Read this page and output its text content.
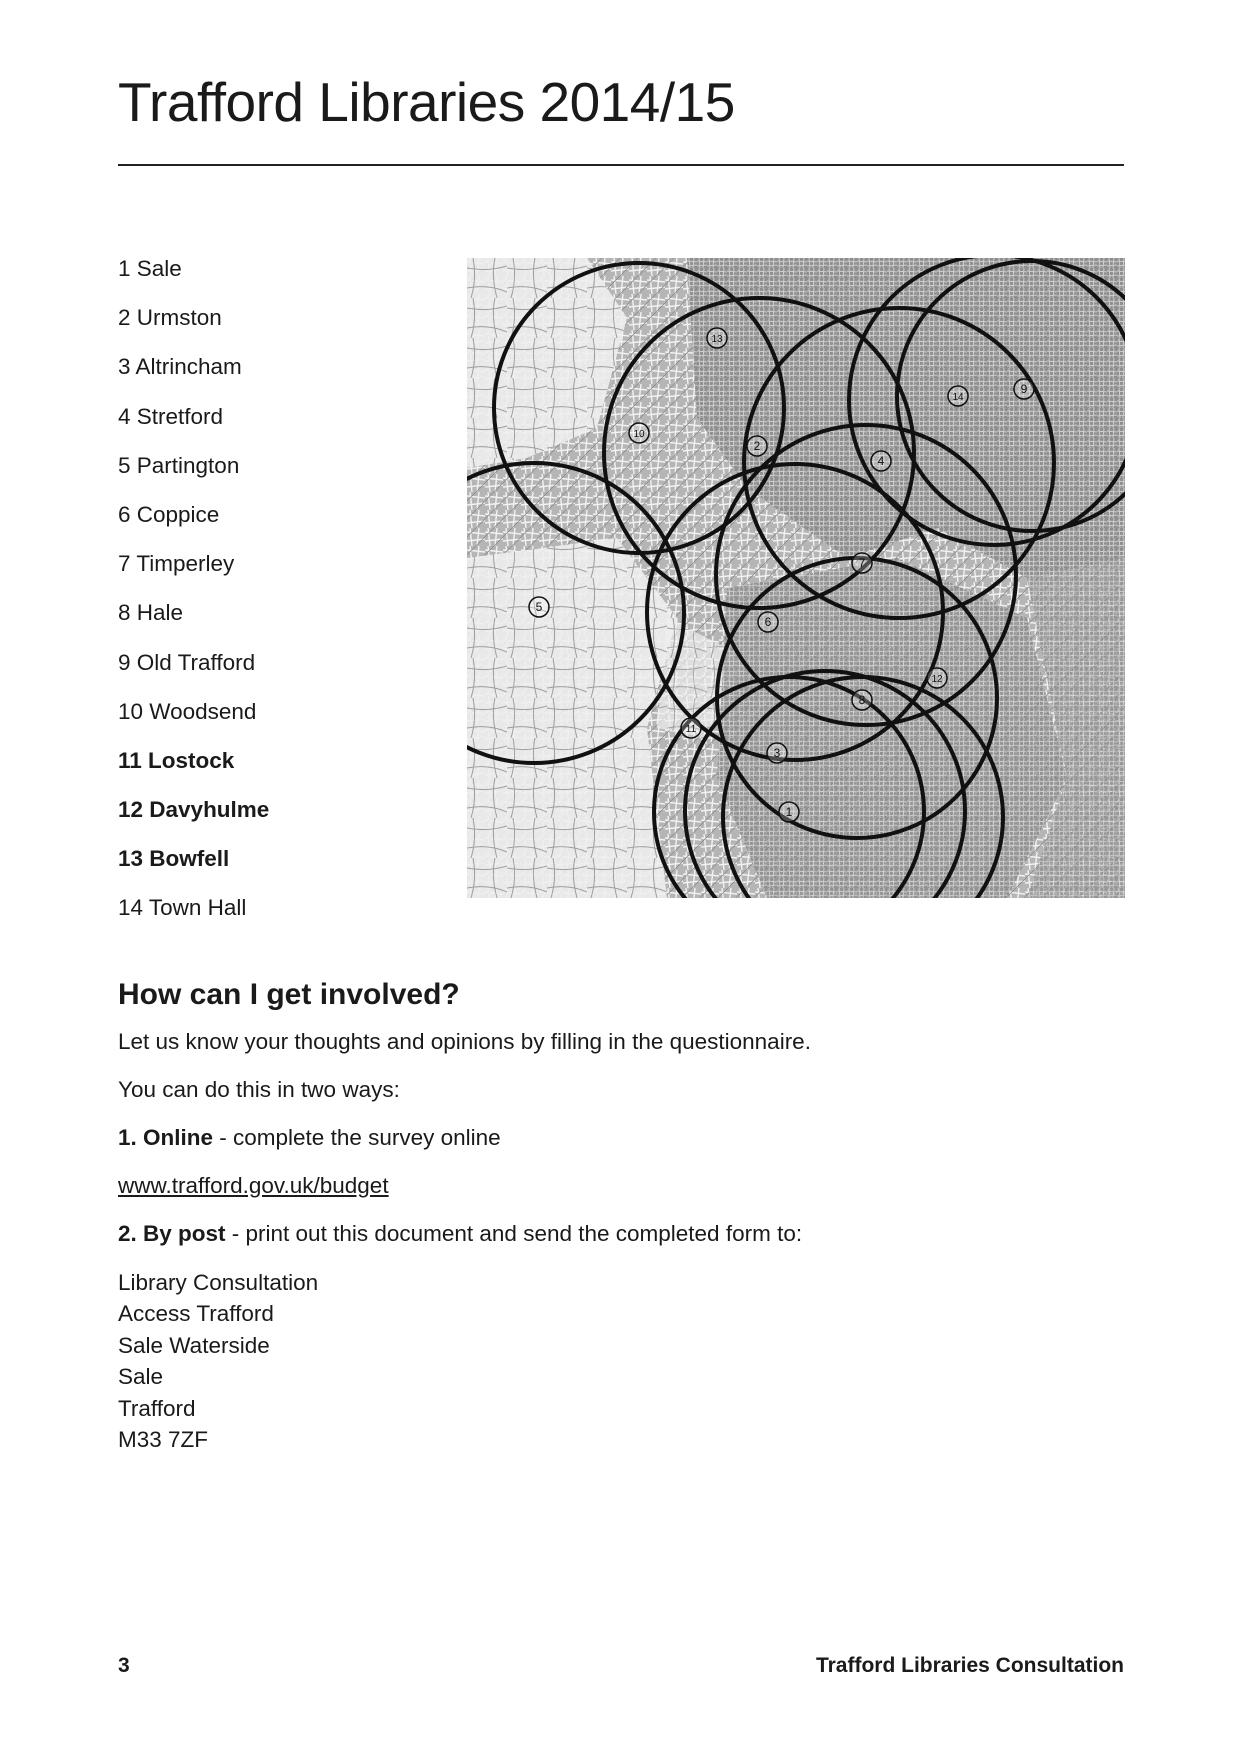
Trafford Libraries 2014/15
1 Sale
2 Urmston
3 Altrincham
4 Stretford
5 Partington
6 Coppice
7 Timperley
8 Hale
9 Old Trafford
10 Woodsend
11 Lostock
12 Davyhulme
13 Bowfell
14 Town Hall
1
2
3
4
5
6
7
8
9
10
11
12
13
14
How can I get involved?

Let us know your thoughts and opinions by filling in the questionnaire.

You can do this in two ways:

1. Online - complete the survey online

www.trafford.gov.uk/budget

2. By post - print out this document and send the completed form to:

Library Consultation
Access Trafford
Sale Waterside
Sale
Trafford
M33 7ZF
3	Trafford Libraries Consultation
